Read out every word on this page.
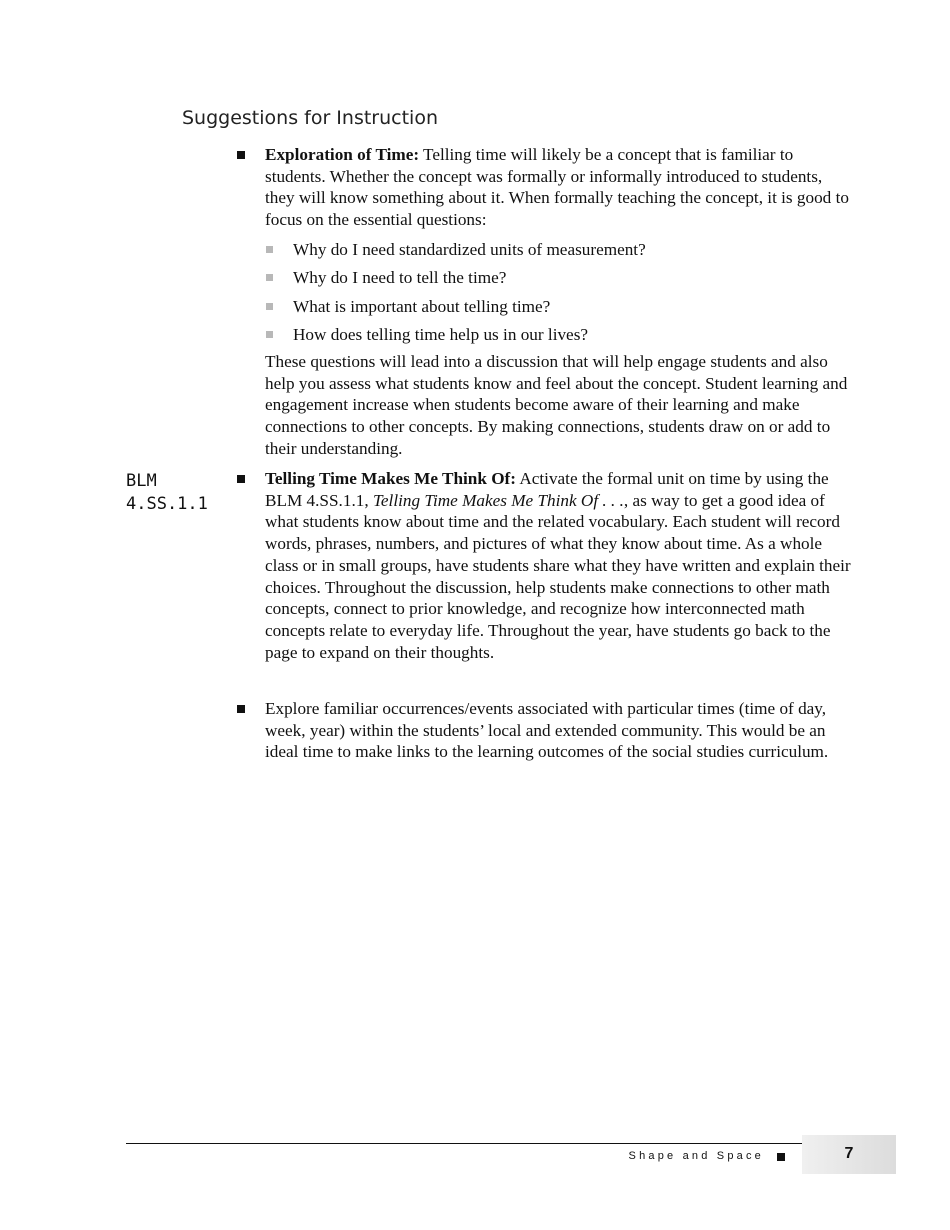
Suggestions for Instruction

Exploration of Time: Telling time will likely be a concept that is familiar to students. Whether the concept was formally or informally introduced to students, they will know something about it. When formally teaching the concept, it is good to focus on the essential questions:

Why do I need standardized units of measurement?
Why do I need to tell the time?
What is important about telling time?
How does telling time help us in our lives?

These questions will lead into a discussion that will help engage students and also help you assess what students know and feel about the concept. Student learning and engagement increase when students become aware of their learning and make connections to other concepts. By making connections, students draw on or add to their understanding.

BLM
4.SS.1.1

Telling Time Makes Me Think Of: Activate the formal unit on time by using the BLM 4.SS.1.1, Telling Time Makes Me Think Of . . ., as way to get a good idea of what students know about time and the related vocabulary. Each student will record words, phrases, numbers, and pictures of what they know about time. As a whole class or in small groups, have students share what they have written and explain their choices. Throughout the discussion, help students make connections to other math concepts, connect to prior knowledge, and recognize how interconnected math concepts relate to everyday life. Throughout the year, have students go back to the page to expand on their thoughts.

Explore familiar occurrences/events associated with particular times (time of day, week, year) within the students’ local and extended community. This would be an ideal time to make links to the learning outcomes of the social studies curriculum.

Shape and Space	7
